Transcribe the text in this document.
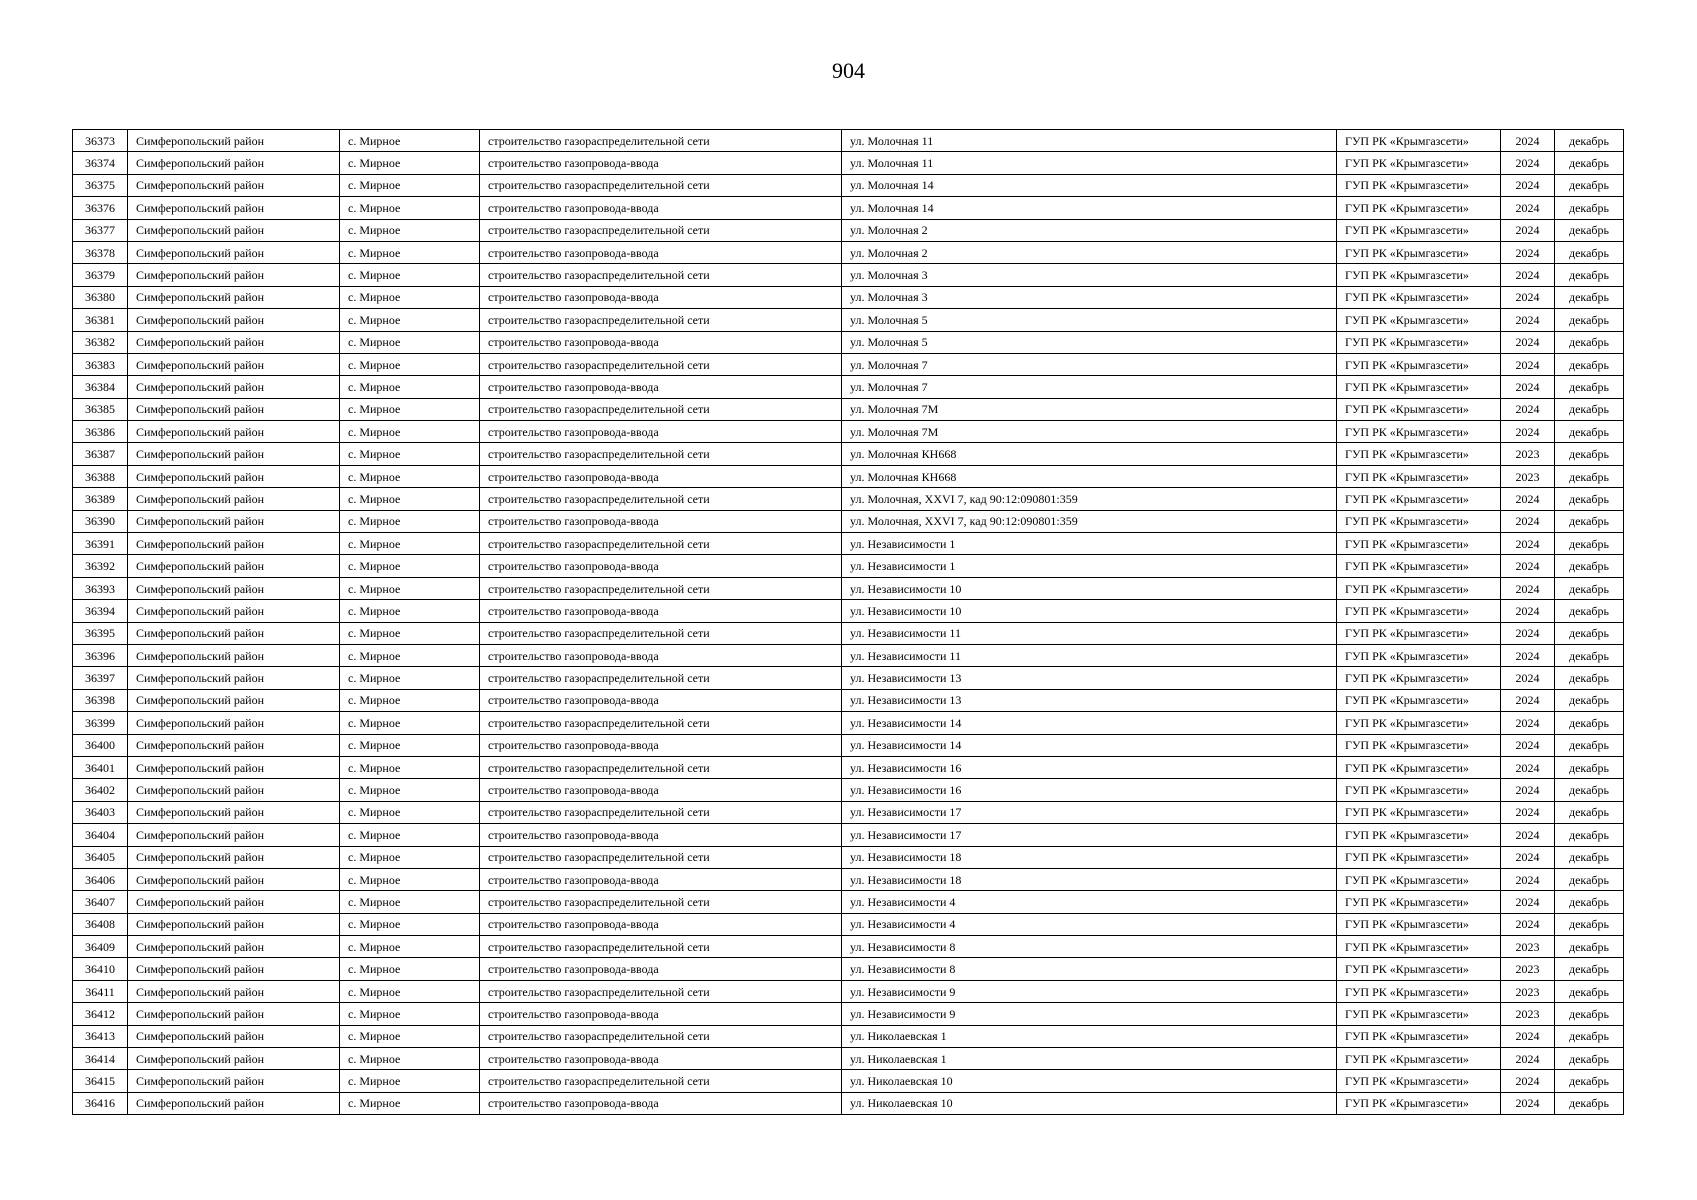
904
36373	Симферопольский район	с. Мирное	строительство газораспределительной сети	ул. Молочная 11	ГУП РК «Крымгазсети»	2024	декабрь
36374	Симферопольский район	с. Мирное	строительство газопровода-ввода	ул. Молочная 11	ГУП РК «Крымгазсети»	2024	декабрь
36375	Симферопольский район	с. Мирное	строительство газораспределительной сети	ул. Молочная 14	ГУП РК «Крымгазсети»	2024	декабрь
36376	Симферопольский район	с. Мирное	строительство газопровода-ввода	ул. Молочная 14	ГУП РК «Крымгазсети»	2024	декабрь
36377	Симферопольский район	с. Мирное	строительство газораспределительной сети	ул. Молочная 2	ГУП РК «Крымгазсети»	2024	декабрь
36378	Симферопольский район	с. Мирное	строительство газопровода-ввода	ул. Молочная 2	ГУП РК «Крымгазсети»	2024	декабрь
36379	Симферопольский район	с. Мирное	строительство газораспределительной сети	ул. Молочная 3	ГУП РК «Крымгазсети»	2024	декабрь
36380	Симферопольский район	с. Мирное	строительство газопровода-ввода	ул. Молочная 3	ГУП РК «Крымгазсети»	2024	декабрь
36381	Симферопольский район	с. Мирное	строительство газораспределительной сети	ул. Молочная 5	ГУП РК «Крымгазсети»	2024	декабрь
36382	Симферопольский район	с. Мирное	строительство газопровода-ввода	ул. Молочная 5	ГУП РК «Крымгазсети»	2024	декабрь
36383	Симферопольский район	с. Мирное	строительство газораспределительной сети	ул. Молочная 7	ГУП РК «Крымгазсети»	2024	декабрь
36384	Симферопольский район	с. Мирное	строительство газопровода-ввода	ул. Молочная 7	ГУП РК «Крымгазсети»	2024	декабрь
36385	Симферопольский район	с. Мирное	строительство газораспределительной сети	ул. Молочная 7М	ГУП РК «Крымгазсети»	2024	декабрь
36386	Симферопольский район	с. Мирное	строительство газопровода-ввода	ул. Молочная 7М	ГУП РК «Крымгазсети»	2024	декабрь
36387	Симферопольский район	с. Мирное	строительство газораспределительной сети	ул. Молочная КН668	ГУП РК «Крымгазсети»	2023	декабрь
36388	Симферопольский район	с. Мирное	строительство газопровода-ввода	ул. Молочная КН668	ГУП РК «Крымгазсети»	2023	декабрь
36389	Симферопольский район	с. Мирное	строительство газораспределительной сети	ул. Молочная, XXVI 7, кад 90:12:090801:359	ГУП РК «Крымгазсети»	2024	декабрь
36390	Симферопольский район	с. Мирное	строительство газопровода-ввода	ул. Молочная, XXVI 7, кад 90:12:090801:359	ГУП РК «Крымгазсети»	2024	декабрь
36391	Симферопольский район	с. Мирное	строительство газораспределительной сети	ул. Независимости 1	ГУП РК «Крымгазсети»	2024	декабрь
36392	Симферопольский район	с. Мирное	строительство газопровода-ввода	ул. Независимости 1	ГУП РК «Крымгазсети»	2024	декабрь
36393	Симферопольский район	с. Мирное	строительство газораспределительной сети	ул. Независимости 10	ГУП РК «Крымгазсети»	2024	декабрь
36394	Симферопольский район	с. Мирное	строительство газопровода-ввода	ул. Независимости 10	ГУП РК «Крымгазсети»	2024	декабрь
36395	Симферопольский район	с. Мирное	строительство газораспределительной сети	ул. Независимости 11	ГУП РК «Крымгазсети»	2024	декабрь
36396	Симферопольский район	с. Мирное	строительство газопровода-ввода	ул. Независимости 11	ГУП РК «Крымгазсети»	2024	декабрь
36397	Симферопольский район	с. Мирное	строительство газораспределительной сети	ул. Независимости 13	ГУП РК «Крымгазсети»	2024	декабрь
36398	Симферопольский район	с. Мирное	строительство газопровода-ввода	ул. Независимости 13	ГУП РК «Крымгазсети»	2024	декабрь
36399	Симферопольский район	с. Мирное	строительство газораспределительной сети	ул. Независимости 14	ГУП РК «Крымгазсети»	2024	декабрь
36400	Симферопольский район	с. Мирное	строительство газопровода-ввода	ул. Независимости 14	ГУП РК «Крымгазсети»	2024	декабрь
36401	Симферопольский район	с. Мирное	строительство газораспределительной сети	ул. Независимости 16	ГУП РК «Крымгазсети»	2024	декабрь
36402	Симферопольский район	с. Мирное	строительство газопровода-ввода	ул. Независимости 16	ГУП РК «Крымгазсети»	2024	декабрь
36403	Симферопольский район	с. Мирное	строительство газораспределительной сети	ул. Независимости 17	ГУП РК «Крымгазсети»	2024	декабрь
36404	Симферопольский район	с. Мирное	строительство газопровода-ввода	ул. Независимости 17	ГУП РК «Крымгазсети»	2024	декабрь
36405	Симферопольский район	с. Мирное	строительство газораспределительной сети	ул. Независимости 18	ГУП РК «Крымгазсети»	2024	декабрь
36406	Симферопольский район	с. Мирное	строительство газопровода-ввода	ул. Независимости 18	ГУП РК «Крымгазсети»	2024	декабрь
36407	Симферопольский район	с. Мирное	строительство газораспределительной сети	ул. Независимости 4	ГУП РК «Крымгазсети»	2024	декабрь
36408	Симферопольский район	с. Мирное	строительство газопровода-ввода	ул. Независимости 4	ГУП РК «Крымгазсети»	2024	декабрь
36409	Симферопольский район	с. Мирное	строительство газораспределительной сети	ул. Независимости 8	ГУП РК «Крымгазсети»	2023	декабрь
36410	Симферопольский район	с. Мирное	строительство газопровода-ввода	ул. Независимости 8	ГУП РК «Крымгазсети»	2023	декабрь
36411	Симферопольский район	с. Мирное	строительство газораспределительной сети	ул. Независимости 9	ГУП РК «Крымгазсети»	2023	декабрь
36412	Симферопольский район	с. Мирное	строительство газопровода-ввода	ул. Независимости 9	ГУП РК «Крымгазсети»	2023	декабрь
36413	Симферопольский район	с. Мирное	строительство газораспределительной сети	ул. Николаевская 1	ГУП РК «Крымгазсети»	2024	декабрь
36414	Симферопольский район	с. Мирное	строительство газопровода-ввода	ул. Николаевская 1	ГУП РК «Крымгазсети»	2024	декабрь
36415	Симферопольский район	с. Мирное	строительство газораспределительной сети	ул. Николаевская 10	ГУП РК «Крымгазсети»	2024	декабрь
36416	Симферопольский район	с. Мирное	строительство газопровода-ввода	ул. Николаевская 10	ГУП РК «Крымгазсети»	2024	декабрь
